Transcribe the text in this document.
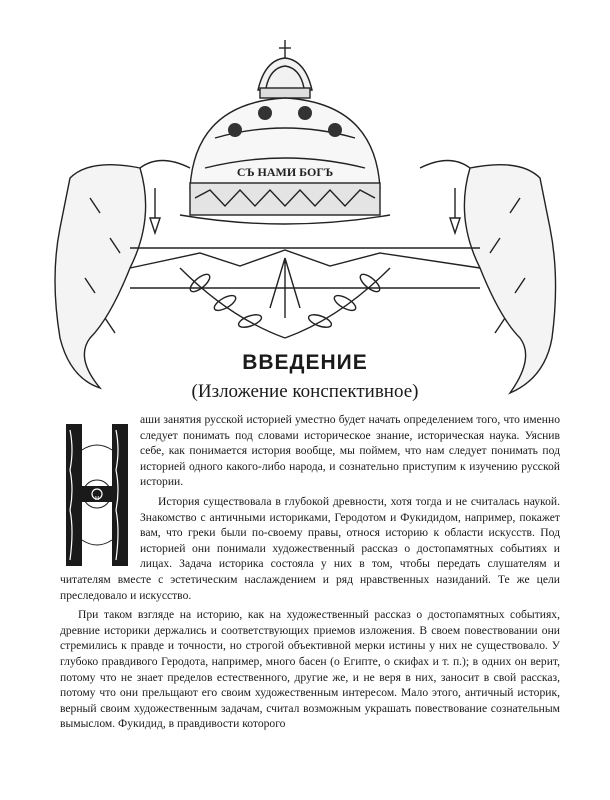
СЪ НАМИ БОГЪ
ВВЕДЕНИЕ

(Изложение конспективное)

Н

аши занятия русской историей уместно будет начать определением того, что именно следует понимать под словами историческое знание, историческая наука. Уяснив себе, как понимается история вообще, мы поймем, что нам следует понимать под историей одного какого-либо народа, и сознательно приступим к изучению русской истории.

История существовала в глубокой древности, хотя тогда и не считалась наукой. Знакомство с античными историками, Геродотом и Фукидидом, например, покажет вам, что греки были по-своему правы, относя историю к области искусств. Под историей они понимали художественный рассказ о достопамятных событиях и лицах. Задача историка состояла у них в том, чтобы передать слушателям и читателям вместе с эстетическим наслаждением и ряд нравственных назиданий. Те же цели преследовало и искусство.

При таком взгляде на историю, как на художественный рассказ о достопамятных событиях, древние историки держались и соответствующих приемов изложения. В своем повествовании они стремились к правде и точности, но строгой объективной мерки истины у них не существовало. У глубоко правдивого Геродота, например, много басен (о Египте, о скифах и т. п.); в одних он верит, потому что не знает пределов естественного, другие же, и не веря в них, заносит в свой рассказ, потому что они прельщают его своим художественным интересом. Мало этого, античный историк, верный своим художественным задачам, считал возможным украшать повествование сознательным вымыслом. Фукидид, в правдивости которого
